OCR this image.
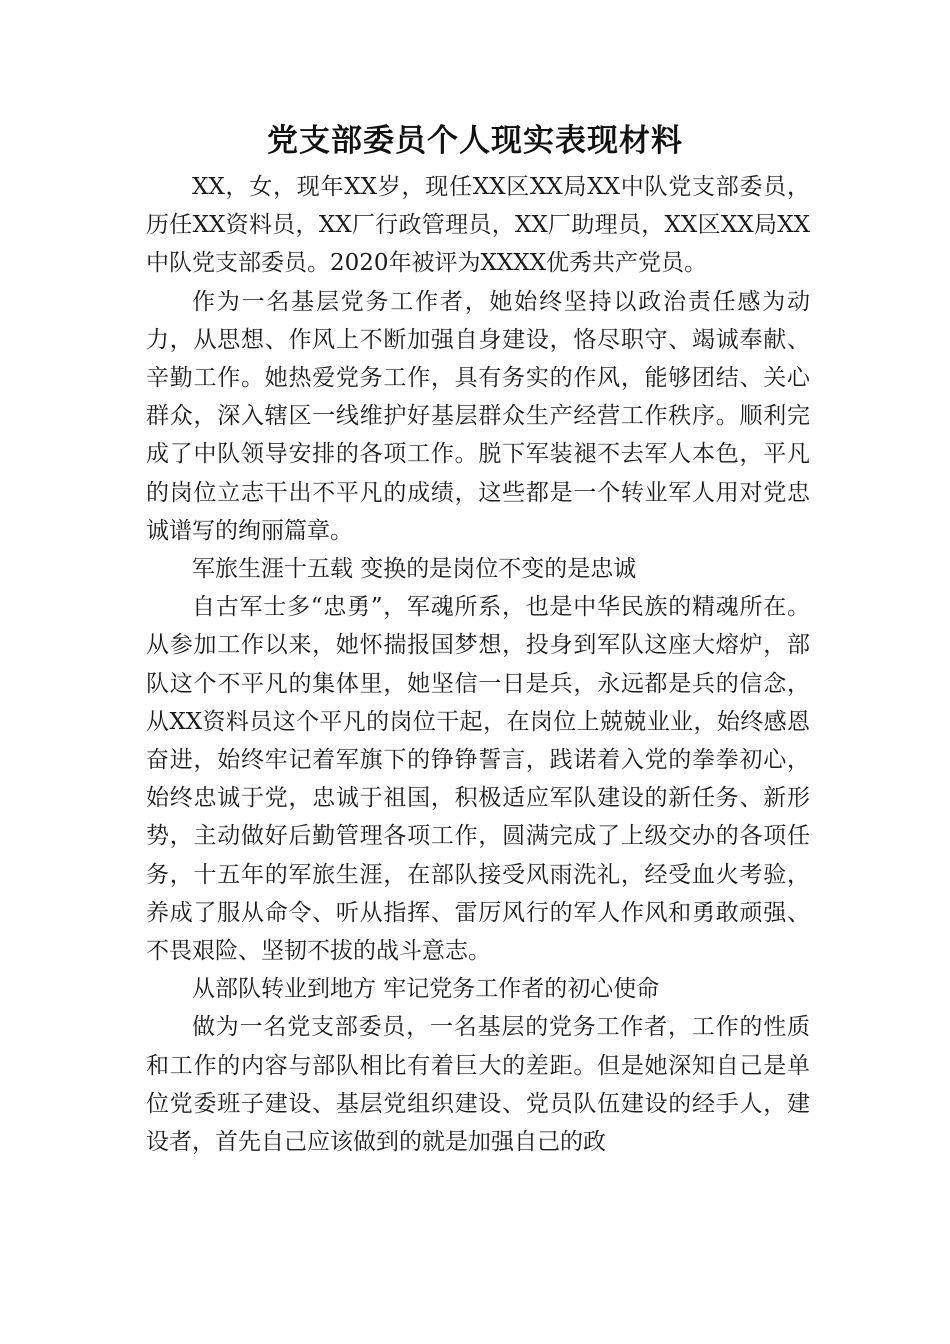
党支部委员个人现实表现材料

XX，女，现年XX岁，现任XX区XX局XX中队党支部委员，历任XX资料员，XX厂行政管理员，XX厂助理员，XX区XX局XX中队党支部委员。2020年被评为XXXX优秀共产党员。

作为一名基层党务工作者，她始终坚持以政治责任感为动力，从思想、作风上不断加强自身建设，恪尽职守、竭诚奉献、辛勤工作。她热爱党务工作，具有务实的作风，能够团结、关心群众，深入辖区一线维护好基层群众生产经营工作秩序。顺利完成了中队领导安排的各项工作。脱下军装褪不去军人本色，平凡的岗位立志干出不平凡的成绩，这些都是一个转业军人用对党忠诚谱写的绚丽篇章。

军旅生涯十五载 变换的是岗位不变的是忠诚

自古军士多“忠勇”，军魂所系，也是中华民族的精魂所在。从参加工作以来，她怀揣报国梦想，投身到军队这座大熔炉，部队这个不平凡的集体里，她坚信一日是兵，永远都是兵的信念，从XX资料员这个平凡的岗位干起，在岗位上兢兢业业，始终感恩奋进，始终牢记着军旗下的铮铮誓言，践诺着入党的拳拳初心，始终忠诚于党，忠诚于祖国，积极适应军队建设的新任务、新形势，主动做好后勤管理各项工作，圆满完成了上级交办的各项任务，十五年的军旅生涯，在部队接受风雨洗礼，经受血火考验，养成了服从命令、听从指挥、雷厉风行的军人作风和勇敢顽强、不畏艰险、坚韧不拔的战斗意志。

从部队转业到地方 牢记党务工作者的初心使命

做为一名党支部委员，一名基层的党务工作者，工作的性质和工作的内容与部队相比有着巨大的差距。但是她深知自己是单位党委班子建设、基层党组织建设、党员队伍建设的经手人，建设者，首先自己应该做到的就是加强自己的政
